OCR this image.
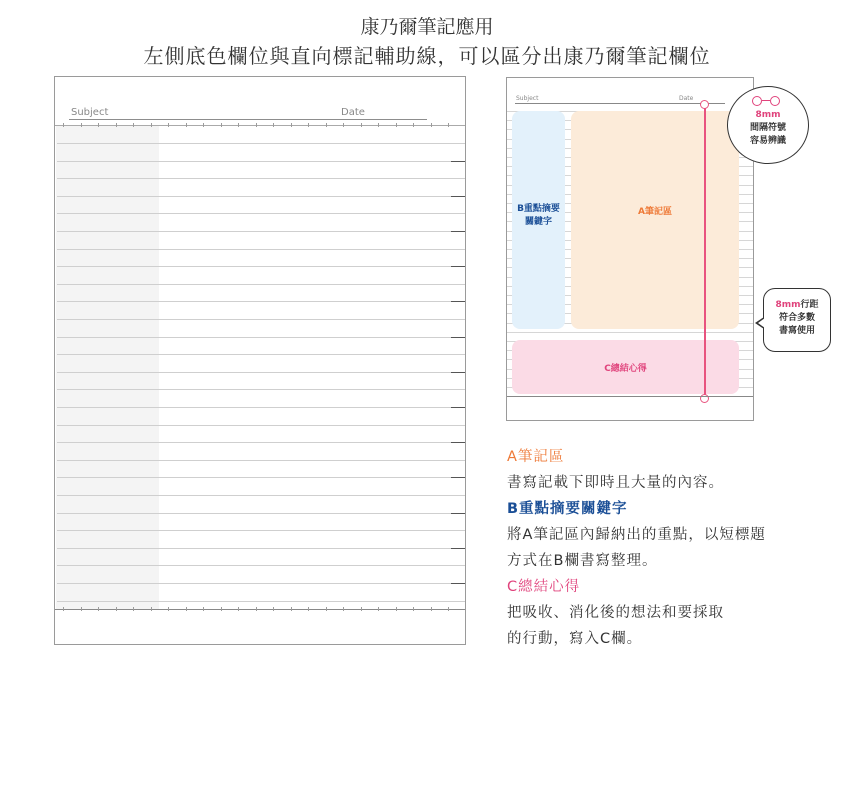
康乃爾筆記應用
左側底色欄位與直向標記輔助線，可以區分出康乃爾筆記欄位
Subject	Date
Subject	Date
B重點摘要
關鍵字
A筆記區
C總結心得
8mm
間隔符號
容易辨識
8mm行距
符合多數
書寫使用
A筆記區
書寫記載下即時且大量的內容。
B重點摘要關鍵字
將A筆記區內歸納出的重點，以短標題
方式在B欄書寫整理。
C總結心得
把吸收、消化後的想法和要採取
的行動，寫入C欄。
